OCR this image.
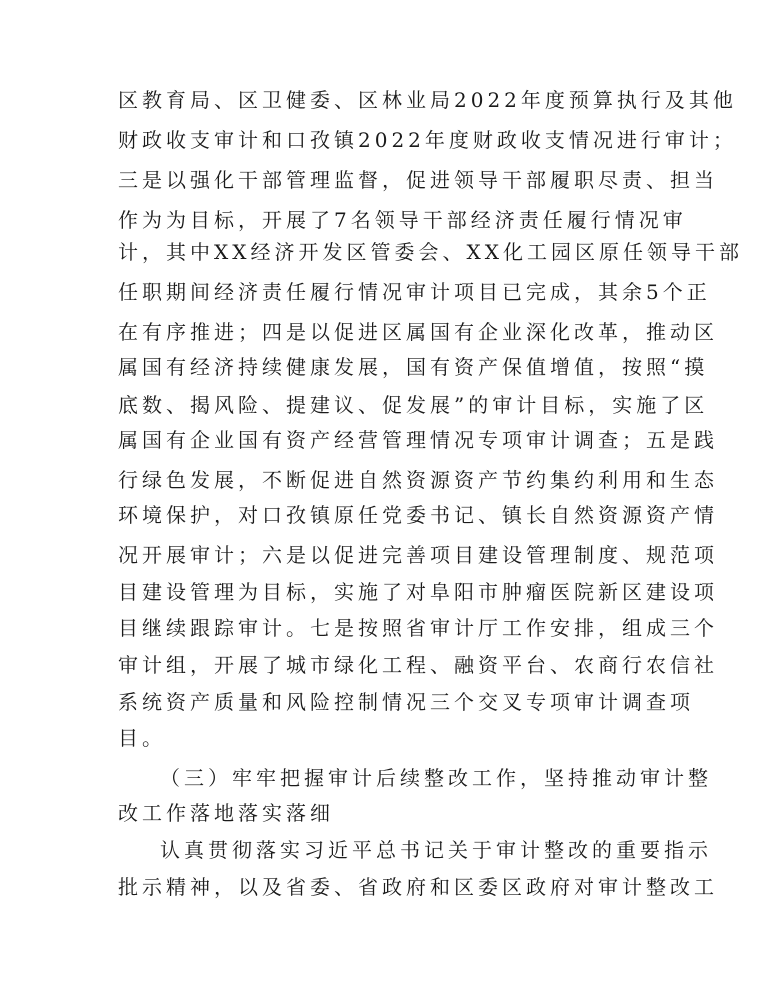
区教育局、区卫健委、区林业局2022年度预算执行及其他
财政收支审计和口孜镇2022年度财政收支情况进行审计；
三是以强化干部管理监督，促进领导干部履职尽责、担当
作为为目标，开展了7名领导干部经济责任履行情况审
计，其中XX经济开发区管委会、XX化工园区原任领导干部
任职期间经济责任履行情况审计项目已完成，其余5个正
在有序推进；四是以促进区属国有企业深化改革，推动区
属国有经济持续健康发展，国有资产保值增值，按照“摸
底数、揭风险、提建议、促发展”的审计目标，实施了区
属国有企业国有资产经营管理情况专项审计调查；五是践
行绿色发展，不断促进自然资源资产节约集约利用和生态
环境保护，对口孜镇原任党委书记、镇长自然资源资产情
况开展审计；六是以促进完善项目建设管理制度、规范项
目建设管理为目标，实施了对阜阳市肿瘤医院新区建设项
目继续跟踪审计。七是按照省审计厅工作安排，组成三个
审计组，开展了城市绿化工程、融资平台、农商行农信社
系统资产质量和风险控制情况三个交叉专项审计调查项
目。
（三）牢牢把握审计后续整改工作，坚持推动审计整
改工作落地落实落细
认真贯彻落实习近平总书记关于审计整改的重要指示
批示精神，以及省委、省政府和区委区政府对审计整改工
